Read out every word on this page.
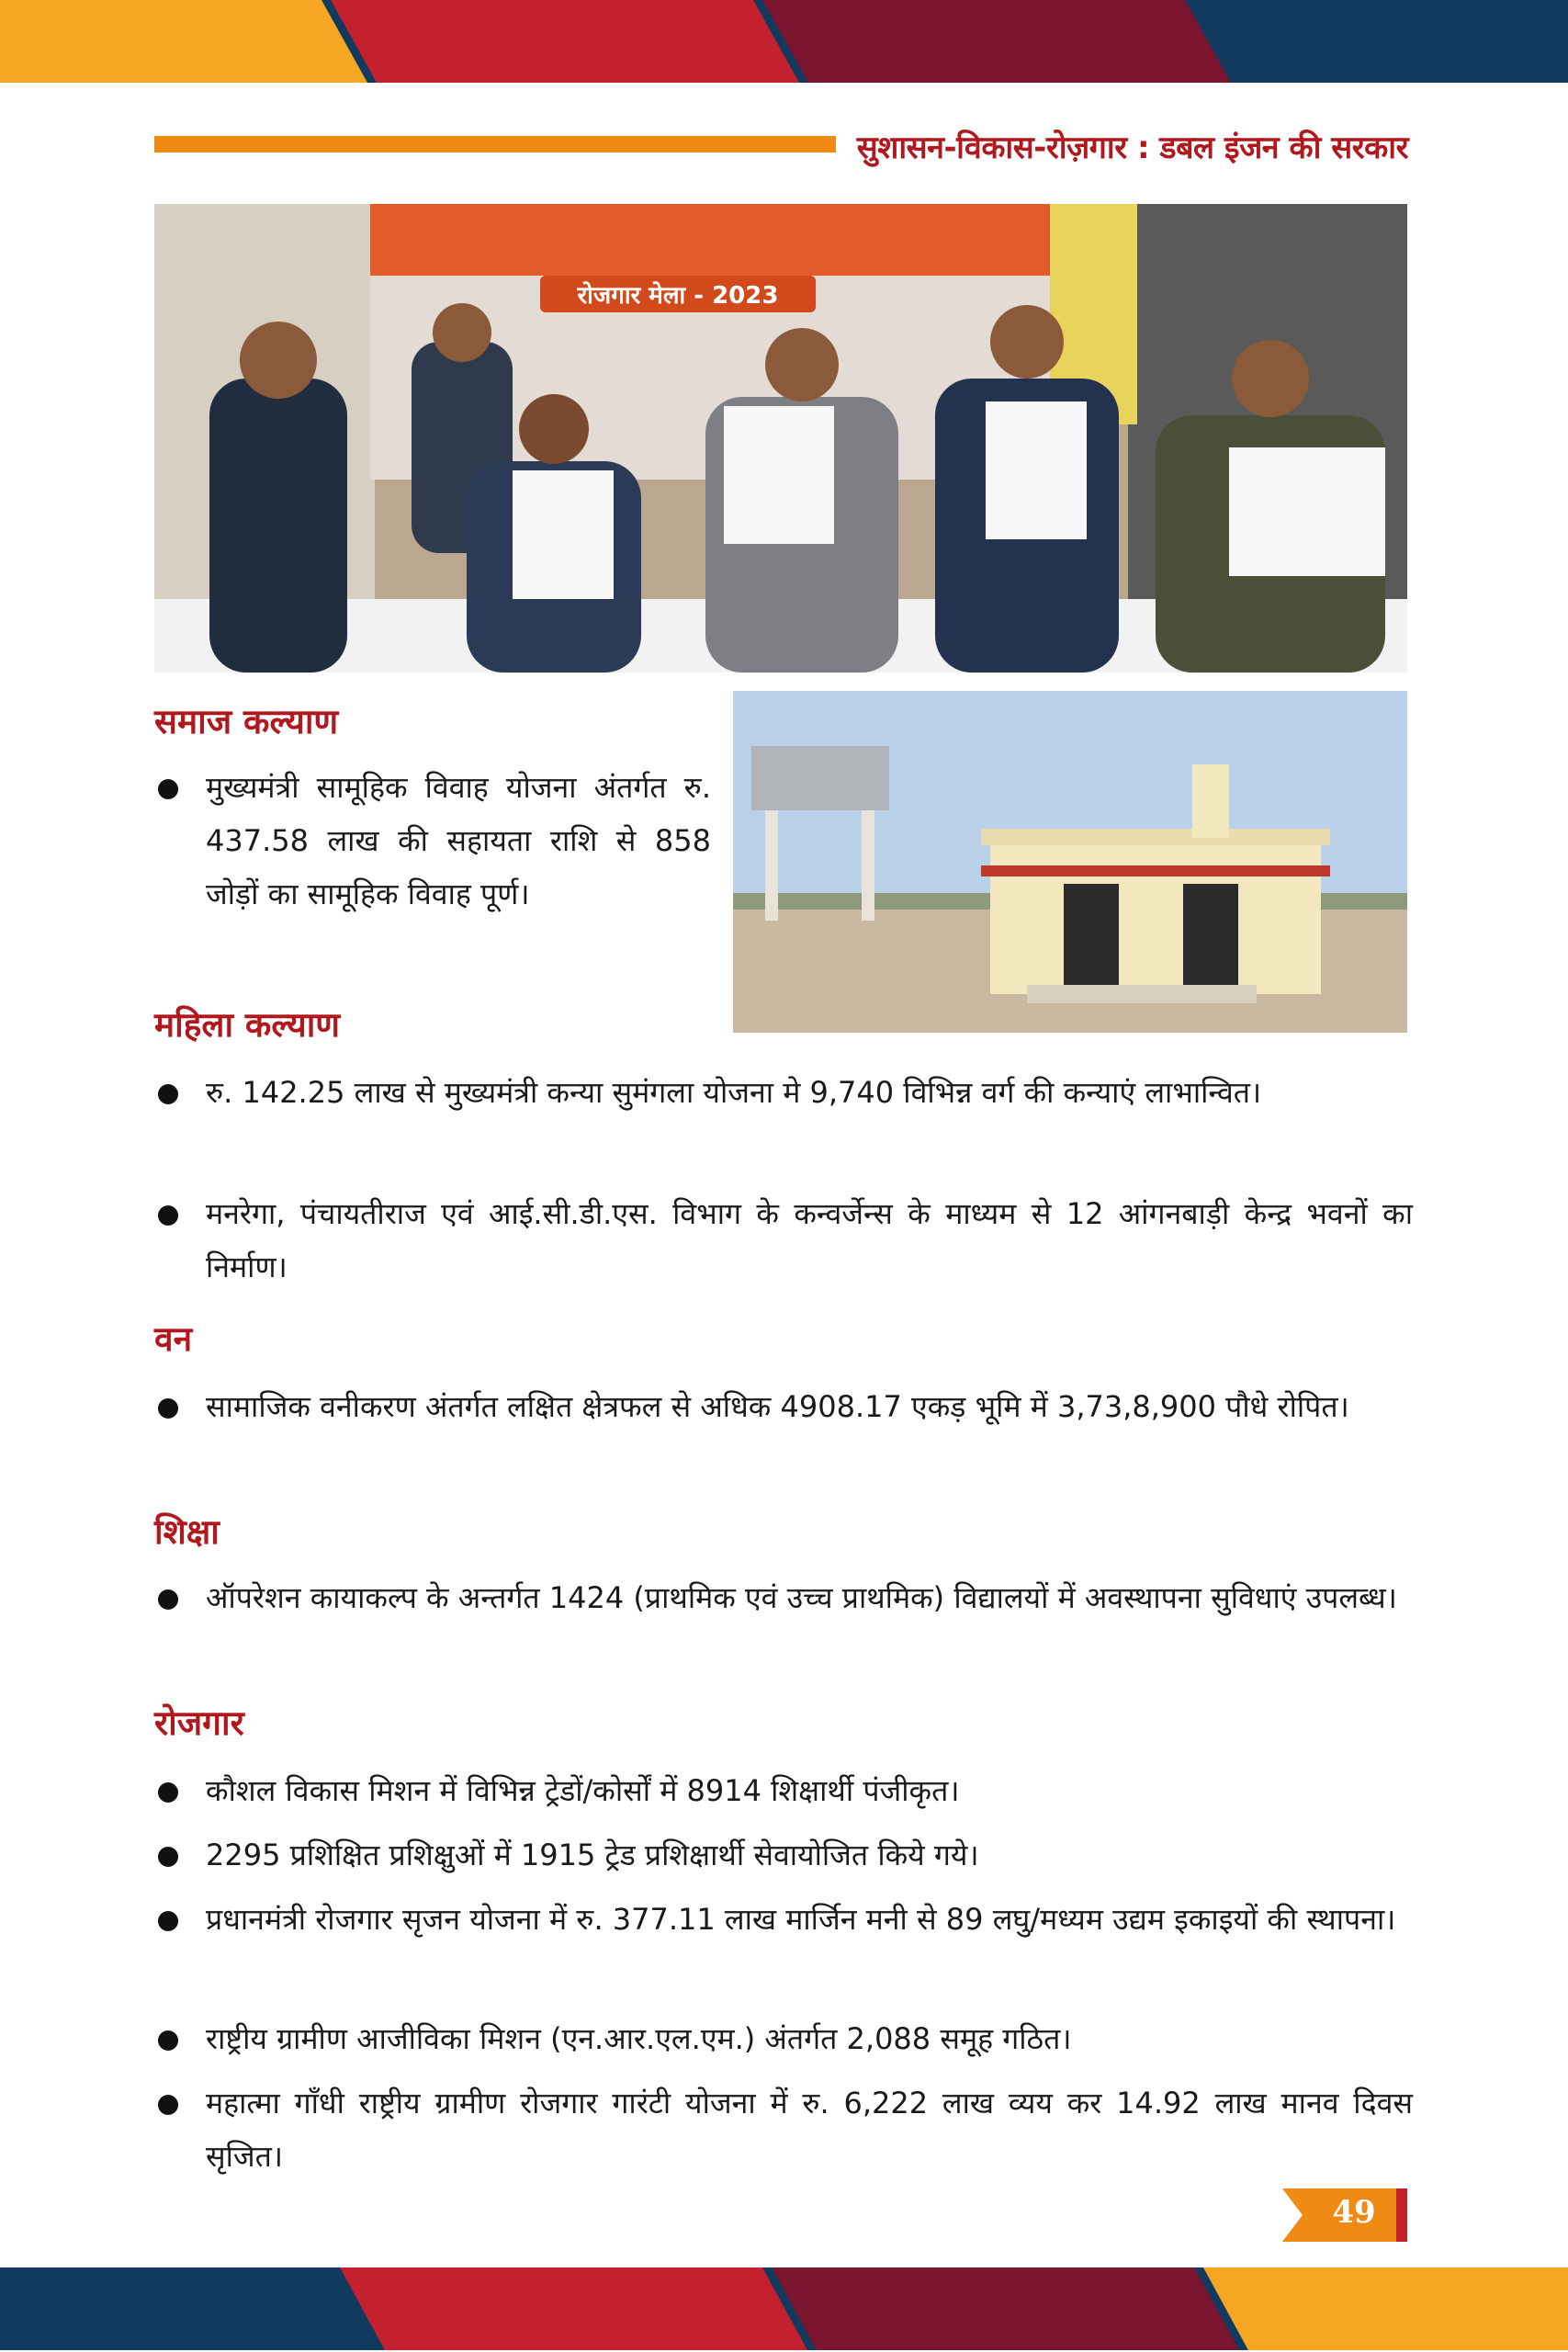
सुशासन-विकास-रोज़गार : डबल इंजन की सरकार
रोजगार मेला - 2023
समाज कल्याण
मुख्यमंत्री सामूहिक विवाह योजना अंतर्गत रु. 437.58 लाख की सहायता राशि से 858 जोड़ों का सामूहिक विवाह पूर्ण।
महिला कल्याण
रु. 142.25 लाख से मुख्यमंत्री कन्या सुमंगला योजना मे 9,740 विभिन्न वर्ग की कन्याएं लाभान्वित।
मनरेगा, पंचायतीराज एवं आई.सी.डी.एस. विभाग के कन्वर्जेन्स के माध्यम से 12 आंगनबाड़ी केन्द्र भवनों का निर्माण।
वन
सामाजिक वनीकरण अंतर्गत लक्षित क्षेत्रफल से अधिक 4908.17 एकड़ भूमि में 3,73,8,900 पौधे रोपित।
शिक्षा
ऑपरेशन कायाकल्प के अन्तर्गत 1424 (प्राथमिक एवं उच्च प्राथमिक) विद्यालयों में अवस्थापना सुविधाएं उपलब्ध।
रोजगार
कौशल विकास मिशन में विभिन्न ट्रेडों/कोर्सों में 8914 शिक्षार्थी पंजीकृत।
2295 प्रशिक्षित प्रशिक्षुओं में 1915 ट्रेड प्रशिक्षार्थी सेवायोजित किये गये।
प्रधानमंत्री रोजगार सृजन योजना में रु. 377.11 लाख मार्जिन मनी से 89 लघु/मध्यम उद्यम इकाइयों की स्थापना।
राष्ट्रीय ग्रामीण आजीविका मिशन (एन.आर.एल.एम.) अंतर्गत 2,088 समूह गठित।
महात्मा गाँधी राष्ट्रीय ग्रामीण रोजगार गारंटी योजना में रु. 6,222 लाख व्यय कर 14.92 लाख मानव दिवस सृजित।
49
